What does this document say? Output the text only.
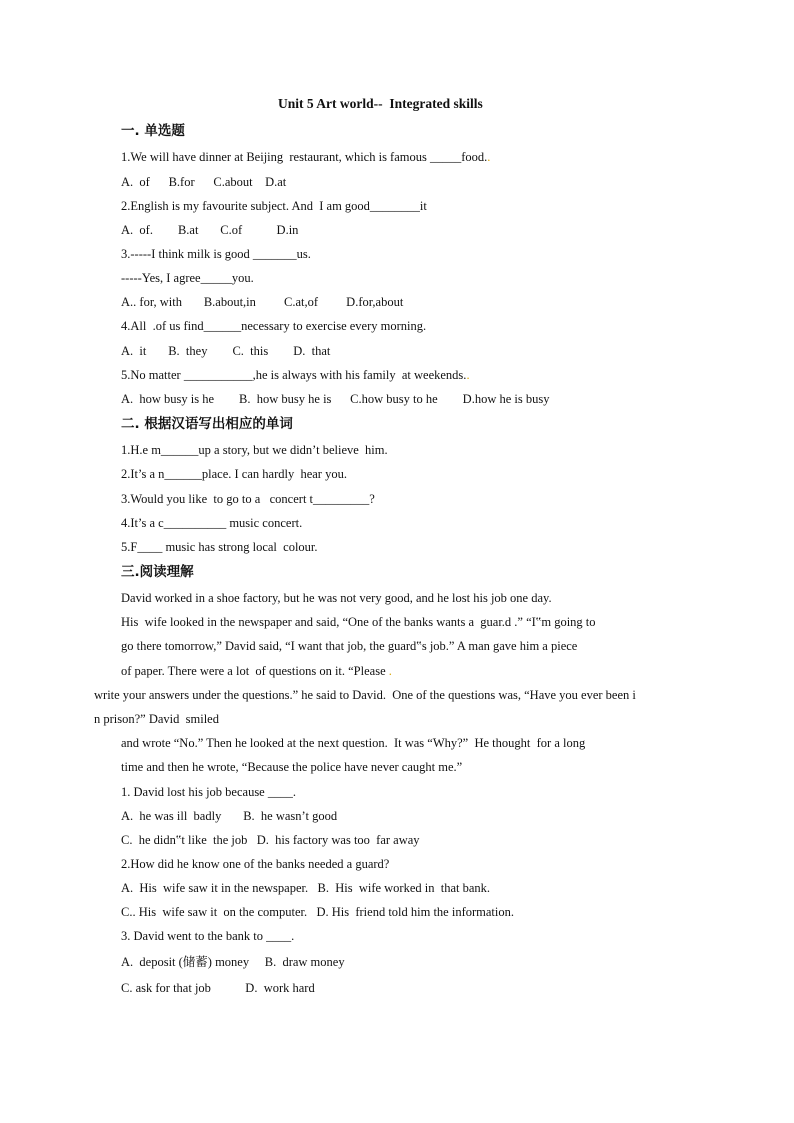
Unit 5 Art world--  Integrated skills
一. 单选题
1.We will have dinner at Beijing  restaurant, which is famous _____food..
A.  of      B.for      C.about    D.at
2.English is my favourite subject. And  I am good________it
A.  of.        B.at       C.of           D.in
3.-----I think milk is good _______us.
-----Yes, I agree_____you.
A.. for, with       B.about,in         C.at,of         D.for,about
4.All  .of us find______necessary to exercise every morning.
A.  it       B.  they        C.  this        D.  that
5.No matter ___________,he is always with his family  at weekends..
A.  how busy is he        B.  how busy he is      C.how busy to he        D.how he is busy
二. 根据汉语写出相应的单词
1.H.e m______up a story, but we didn’t believe  him.
2.It’s a n______place. I can hardly  hear you.
3.Would you like  to go to a   concert t_________?
4.It’s a c__________ music concert.
5.F____ music has strong local  colour.
三.阅读理解
David worked in a shoe factory, but he was not very good, and he lost his job one day.
His  wife looked in the newspaper and said, “One of the banks wants a  guar.d .” “I‟m going to
go there tomorrow,” David said, “I want that job, the guard‟s job.” A man gave him a piece
of paper. There were a lot  of questions on it. “Please .
write your answers under the questions.” he said to David.  One of the questions was, “Have you ever been i
n prison?” David  smiled
and wrote “No.” Then he looked at the next question.  It was “Why?”  He thought  for a long
time and then he wrote, “Because the police have never caught me.”
1. David lost his job because ____.
A.  he was ill  badly       B.  he wasn’t good
C.  he didn‟t like  the job   D.  his factory was too  far away
2.How did he know one of the banks needed a guard?
A.  His  wife saw it in the newspaper.   B.  His  wife worked in  that bank.
C.. His  wife saw it  on the computer.   D. His  friend told him the information.
3. David went to the bank to ____.
A.  deposit (储蓄) money     B.  draw money
C. ask for that job           D.  work hard
